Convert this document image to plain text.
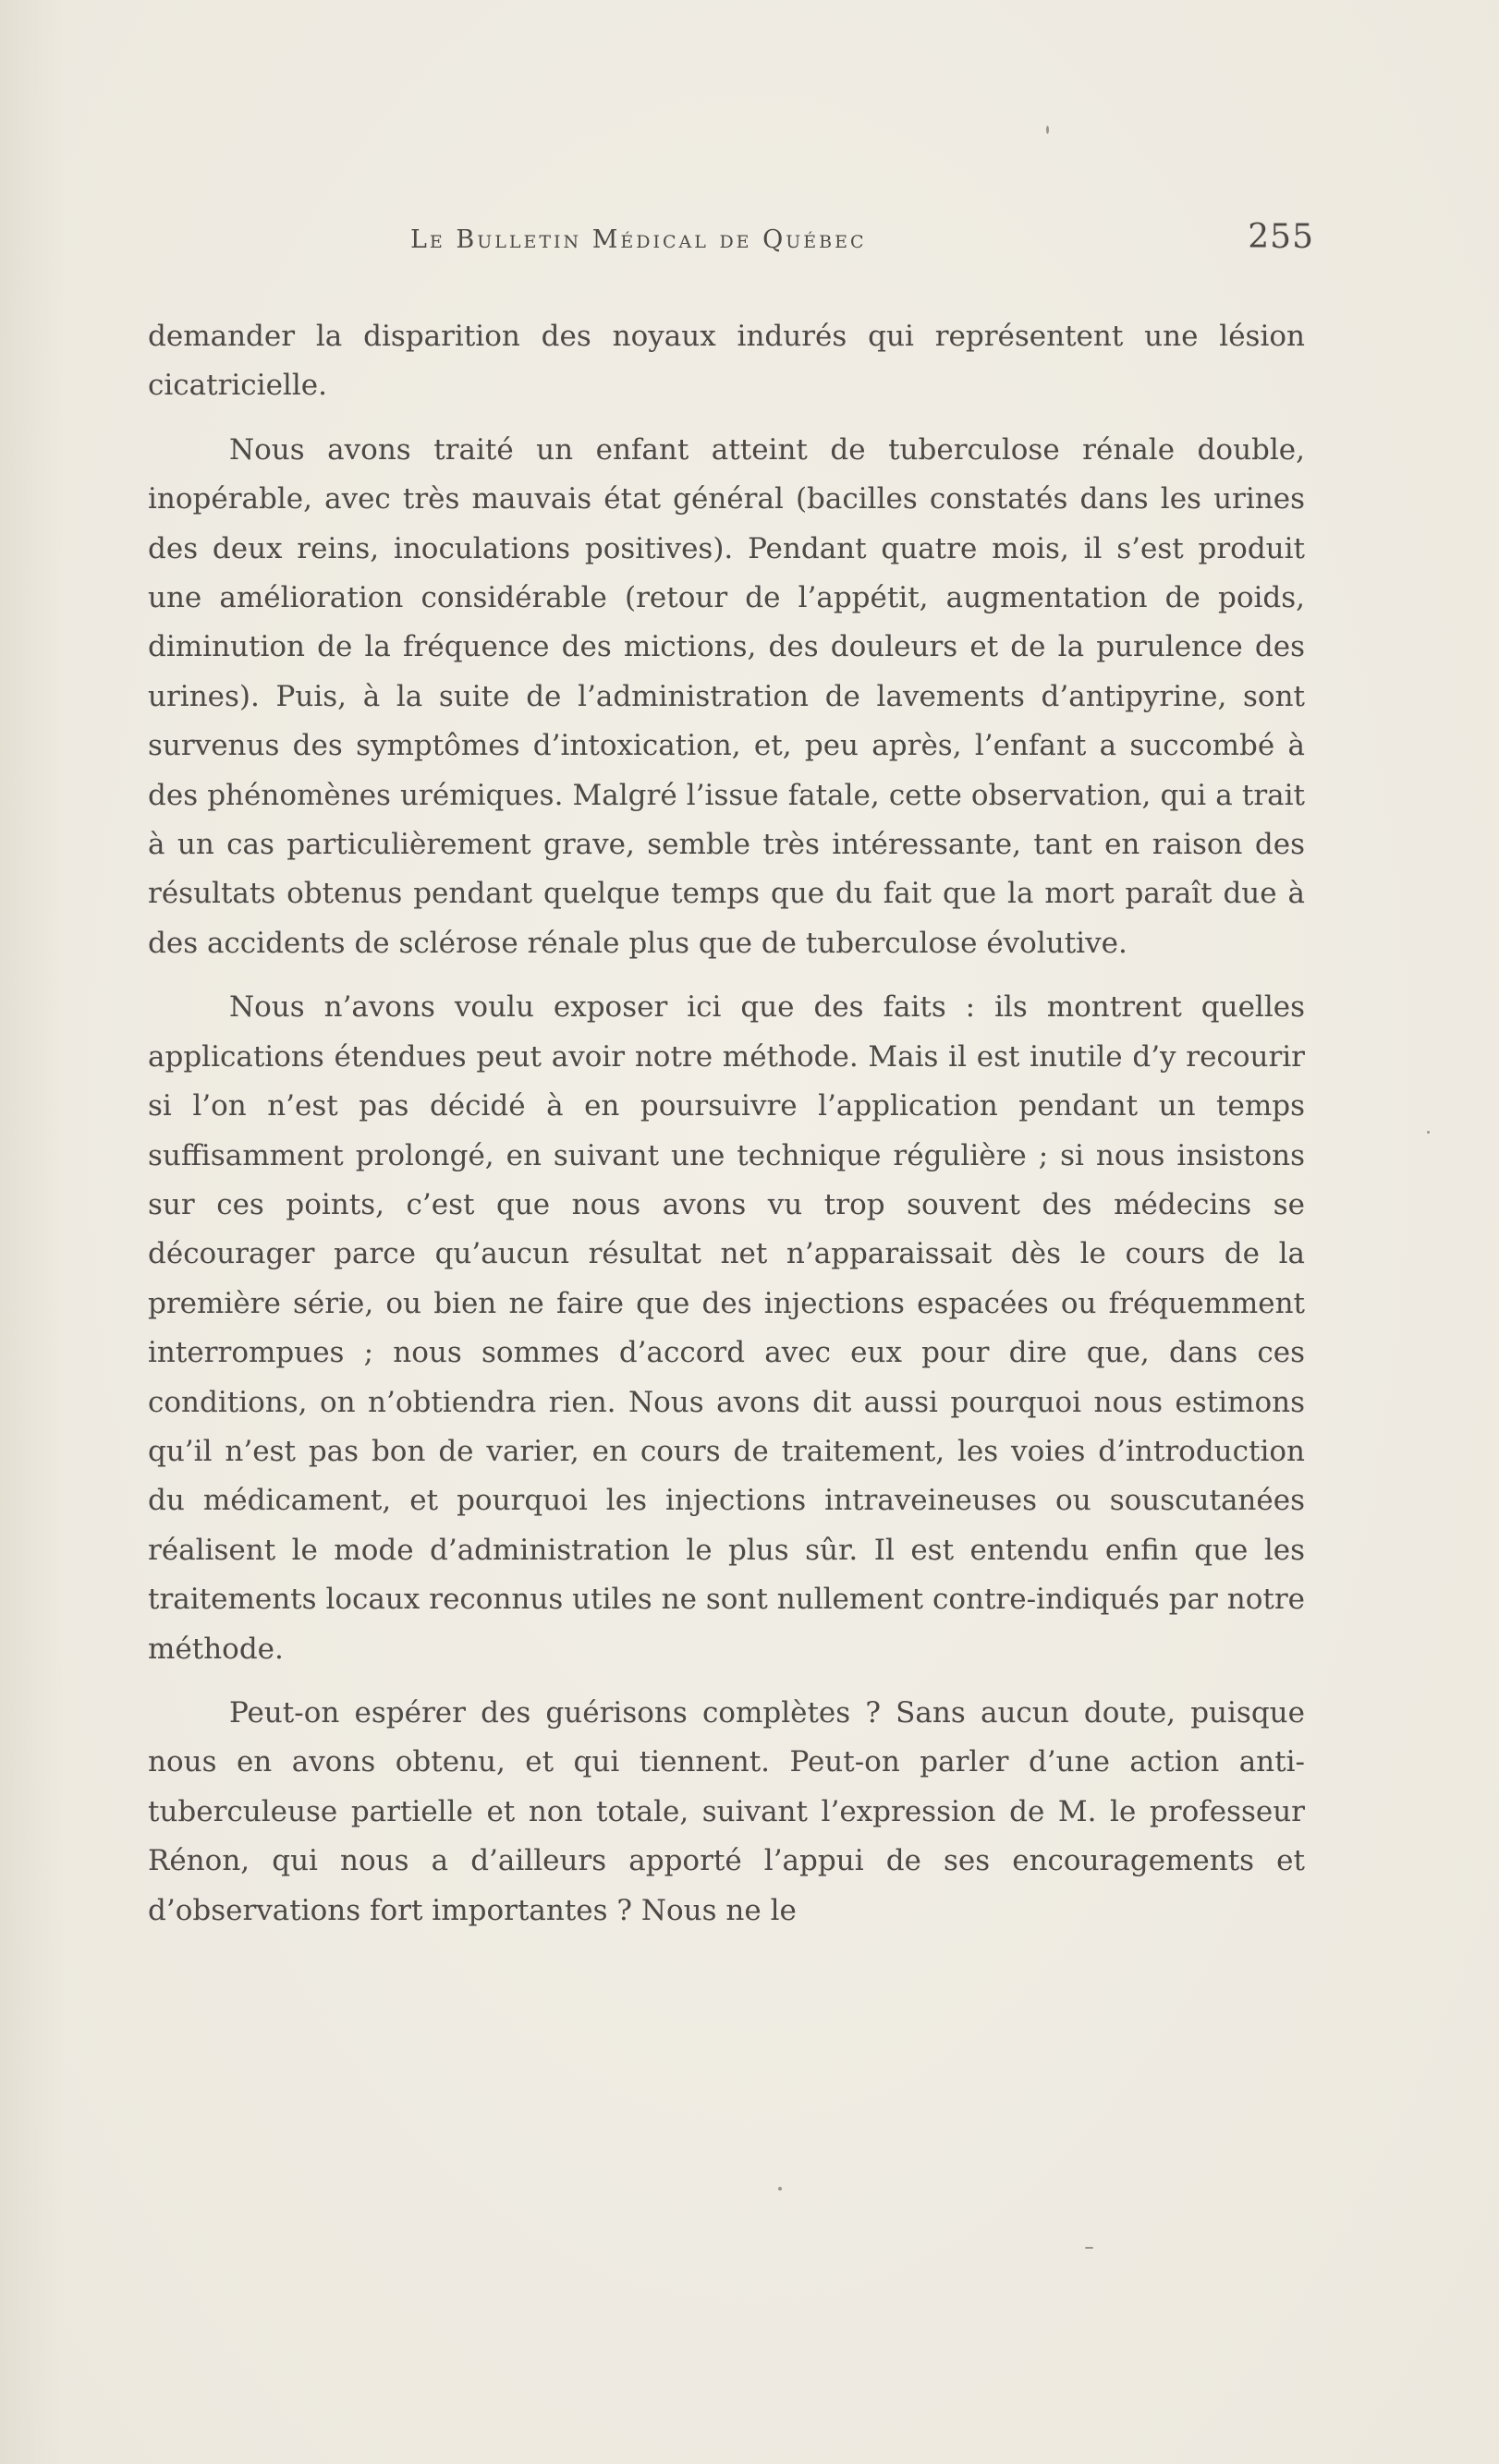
Le Bulletin Médical de Québec	255

demander la disparition des noyaux indurés qui représentent une lésion cicatricielle.

Nous avons traité un enfant atteint de tuberculose rénale double, inopérable, avec très mauvais état général (bacilles constatés dans les urines des deux reins, inoculations positives). Pendant quatre mois, il s’est produit une amélioration considérable (retour de l’appétit, augmentation de poids, diminution de la fréquence des mictions, des douleurs et de la purulence des urines). Puis, à la suite de l’administration de lavements d’antipyrine, sont survenus des symptômes d’intoxication, et, peu après, l’enfant a succombé à des phénomènes urémiques. Malgré l’issue fatale, cette observation, qui a trait à un cas particulièrement grave, semble très intéressante, tant en raison des résultats obtenus pendant quelque temps que du fait que la mort paraît due à des accidents de sclérose rénale plus que de tuberculose évolutive.

Nous n’avons voulu exposer ici que des faits : ils montrent quelles applications étendues peut avoir notre méthode. Mais il est inutile d’y recourir si l’on n’est pas décidé à en poursuivre l’application pendant un temps suffisamment prolongé, en suivant une technique régulière ; si nous insistons sur ces points, c’est que nous avons vu trop souvent des médecins se décourager parce qu’aucun résultat net n’apparaissait dès le cours de la première série, ou bien ne faire que des injections espacées ou fréquemment interrompues ; nous sommes d’accord avec eux pour dire que, dans ces conditions, on n’obtiendra rien. Nous avons dit aussi pourquoi nous estimons qu’il n’est pas bon de varier, en cours de traitement, les voies d’introduction du médicament, et pourquoi les injections intraveineuses ou souscutanées réalisent le mode d’administration le plus sûr. Il est entendu enfin que les traitements locaux reconnus utiles ne sont nullement contre-indiqués par notre méthode.

Peut-on espérer des guérisons complètes ? Sans aucun doute, puisque nous en avons obtenu, et qui tiennent. Peut-on parler d’une action anti-tuberculeuse partielle et non totale, suivant l’expression de M. le professeur Rénon, qui nous a d’ailleurs apporté l’appui de ses encouragements et d’observations fort importantes ? Nous ne le
